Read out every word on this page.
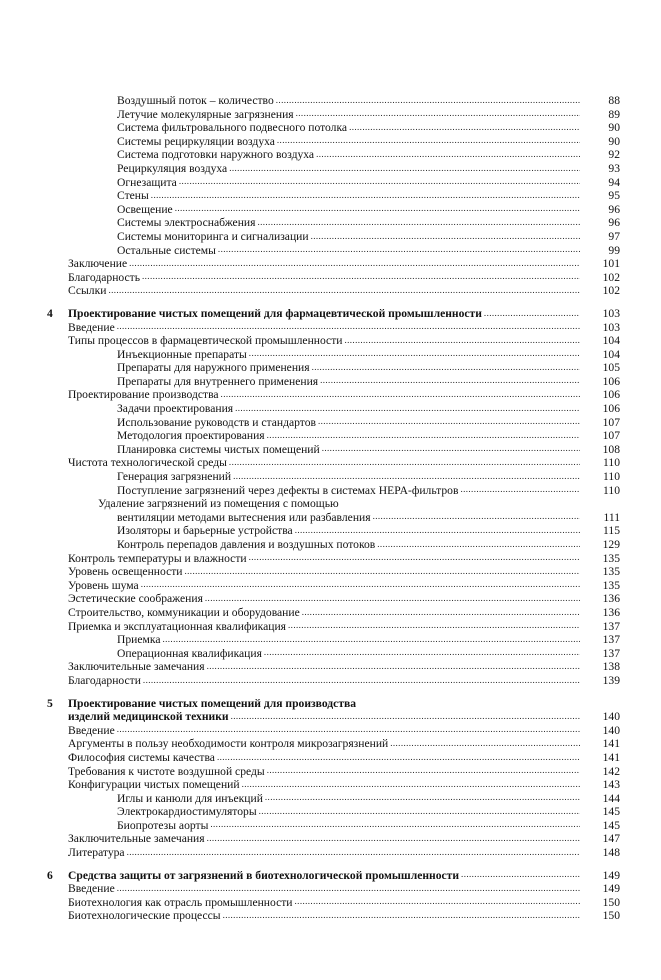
Воздушный поток – количество .....	88
Летучие молекулярные загрязнения .....	89
Система фильтровального подвесного потолка .....	90
Системы рециркуляции воздуха .....	90
Система подготовки наружного воздуха .....	92
Рециркуляция воздуха .....	93
Огнезащита .....	94
Стены .....	95
Освещение .....	96
Системы электроснабжения .....	96
Системы мониторинга и сигнализации .....	97
Остальные системы .....	99
Заключение .....	101
Благодарность .....	102
Ссылки .....	102
4 Проектирование чистых помещений для фармацевтической промышленности .....	103
Введение .....	103
Типы процессов в фармацевтической промышленности .....	104
Инъекционные препараты .....	104
Препараты для наружного применения .....	105
Препараты для внутреннего применения .....	106
Проектирование производства .....	106
Задачи проектирования .....	106
Использование руководств и стандартов .....	107
Методология проектирования .....	107
Планировка системы чистых помещений .....	108
Чистота технологической среды .....	110
Генерация загрязнений .....	110
Поступление загрязнений через дефекты в системах HEPA-фильтров .....	110
Удаление загрязнений из помещения с помощью
вентиляции методами вытеснения или разбавления .....	111
Изоляторы и барьерные устройства .....	115
Контроль перепадов давления и воздушных потоков .....	129
Контроль температуры и влажности .....	135
Уровень освещенности .....	135
Уровень шума .....	135
Эстетические соображения .....	136
Строительство, коммуникации и оборудование .....	136
Приемка и эксплуатационная квалификация .....	137
Приемка .....	137
Операционная квалификация .....	137
Заключительные замечания .....	138
Благодарности .....	139
5 Проектирование чистых помещений для производства
изделий медицинской техники .....	140
Введение .....	140
Аргументы в пользу необходимости контроля микрозагрязнений .....	141
Философия системы качества .....	141
Требования к чистоте воздушной среды .....	142
Конфигурации чистых помещений .....	143
Иглы и канюли для инъекций .....	144
Электрокардиостимуляторы .....	145
Биопротезы аорты .....	145
Заключительные замечания .....	147
Литература .....	148
6 Средства защиты от загрязнений в биотехнологической промышленности .....	149
Введение .....	149
Биотехнология как отрасль промышленности .....	150
Биотехнологические процессы .....	150
